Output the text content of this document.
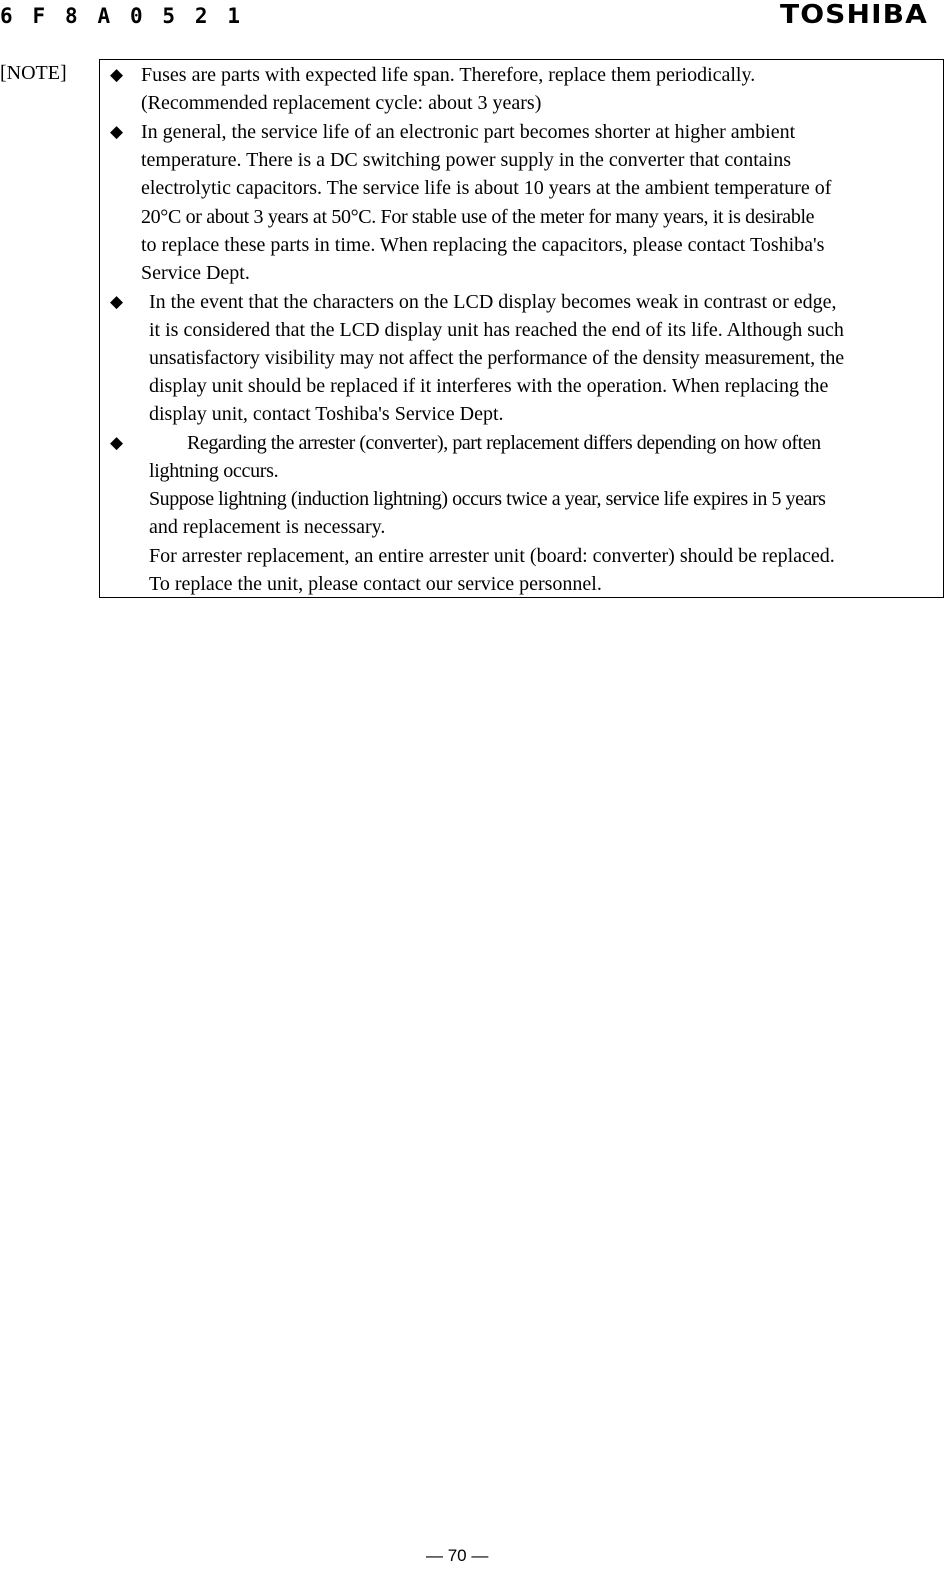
6 F 8 A 0 5 2 1	TOSHIBA
[NOTE]	◆ Fuses are parts with expected life span. Therefore, replace them periodically.
(Recommended replacement cycle: about 3 years)
◆ In general, the service life of an electronic part becomes shorter at higher ambient
temperature. There is a DC switching power supply in the converter that contains
electrolytic capacitors. The service life is about 10 years at the ambient temperature of
20°C or about 3 years at 50°C. For stable use of the meter for many years, it is desirable
to replace these parts in time. When replacing the capacitors, please contact Toshiba's
Service Dept.
◆ In the event that the characters on the LCD display becomes weak in contrast or edge,
it is considered that the LCD display unit has reached the end of its life. Although such
unsatisfactory visibility may not affect the performance of the density measurement, the
display unit should be replaced if it interferes with the operation. When replacing the
display unit, contact Toshiba's Service Dept.
◆	Regarding the arrester (converter), part replacement differs depending on how often
lightning occurs.
Suppose lightning (induction lightning) occurs twice a year, service life expires in 5 years
and replacement is necessary.
For arrester replacement, an entire arrester unit (board: converter) should be replaced.
To replace the unit, please contact our service personnel.
— 70 —
